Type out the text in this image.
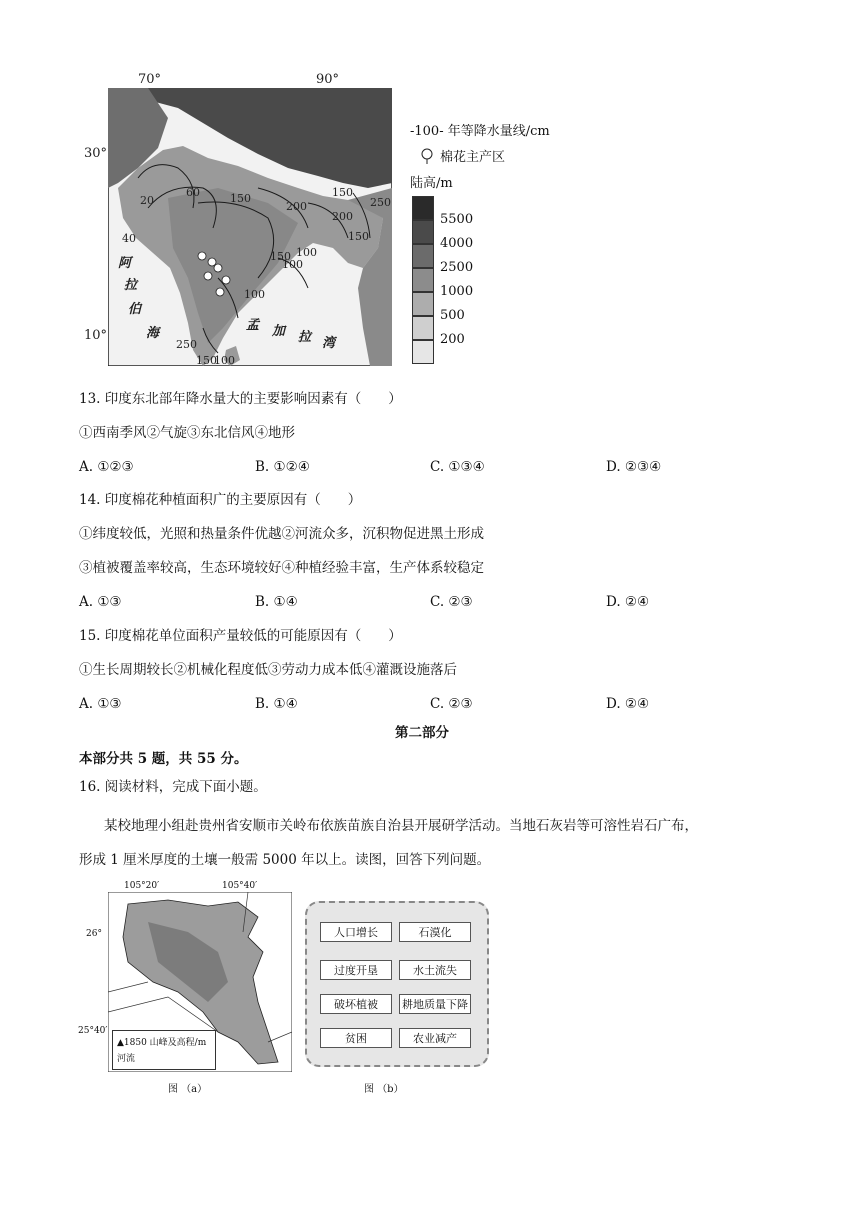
70°	90°
30°
10°
20
40
60	150	150
150
200
200
100
150
100
100
250
250
150
100
阿
拉
伯
海
孟 加 拉 湾
-100- 年等降水量线/cm
棉花主产区
陆高/m
5500
4000
2500
1000
500
200
13. 印度东北部年降水量大的主要影响因素有（　　）
①西南季风②气旋③东北信风④地形
A. ①②③	B. ①②④	C. ①③④	D. ②③④
14. 印度棉花种植面积广的主要原因有（　　）
①纬度较低，光照和热量条件优越②河流众多，沉积物促进黑土形成
③植被覆盖率较高，生态环境较好④种植经验丰富，生产体系较稳定
A. ①③	B. ①④	C. ②③	D. ②④
15. 印度棉花单位面积产量较低的可能原因有（　　）
①生长周期较长②机械化程度低③劳动力成本低④灌溉设施落后
A. ①③	B. ①④	C. ②③	D. ②④
第二部分
本部分共 5 题，共 55 分。
16. 阅读材料，完成下面小题。
某校地理小组赴贵州省安顺市关岭布依族苗族自治县开展研学活动。当地石灰岩等可溶性岩石广布，
形成 1 厘米厚度的土壤一般需 5000 年以上。读图，回答下列问题。
105°20′	105°40′
26°
25°40′
▲1850 山峰及高程/m
河流
图 （a）
人口增长	石漠化
过度开垦	水土流失
破坏植被	耕地质量下降
贫困	农业减产
图 （b）
